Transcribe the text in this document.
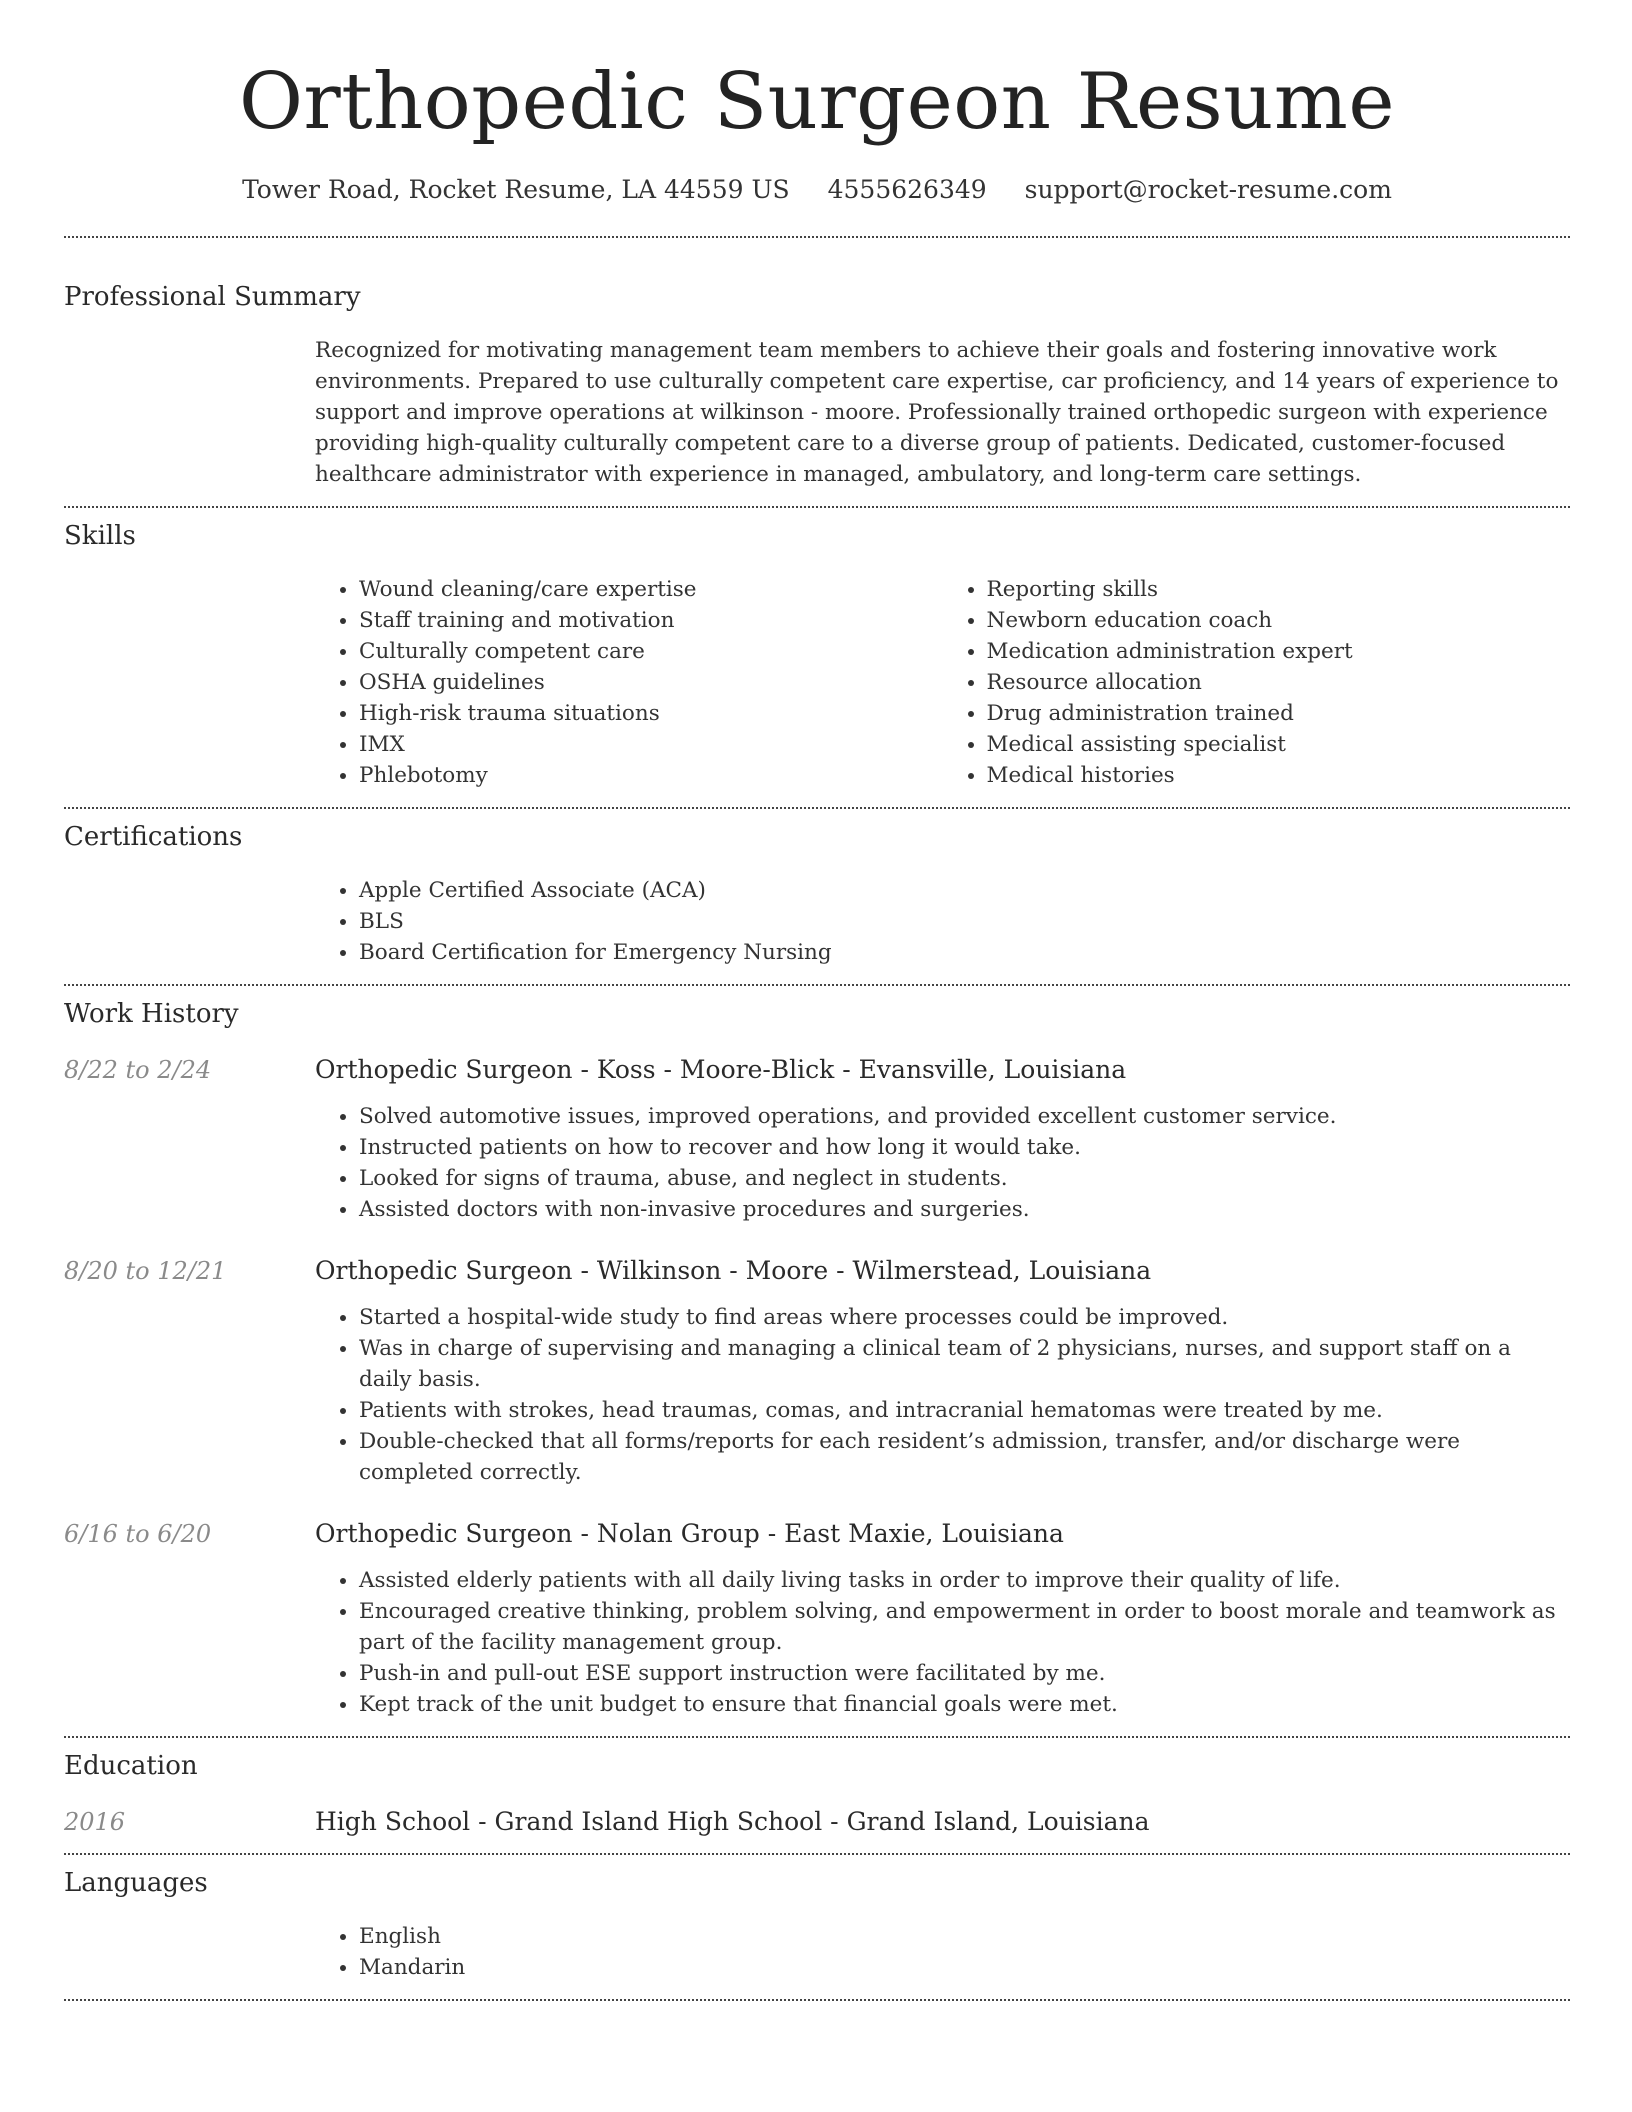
Orthopedic Surgeon Resume
Tower Road, Rocket Resume, LA 44559 US 4555626349 support@rocket-resume.com
Professional Summary

Recognized for motivating management team members to achieve their goals and fostering innovative work environments. Prepared to use culturally competent care expertise, car proficiency, and 14 years of experience to support and improve operations at wilkinson - moore. Professionally trained orthopedic surgeon with experience providing high-quality culturally competent care to a diverse group of patients. Dedicated, customer-focused healthcare administrator with experience in managed, ambulatory, and long-term care settings.

Skills
• Wound cleaning/care expertise
• Staff training and motivation
• Culturally competent care
• OSHA guidelines
• High-risk trauma situations
• IMX
• Phlebotomy
• Reporting skills
• Newborn education coach
• Medication administration expert
• Resource allocation
• Drug administration trained
• Medical assisting specialist
• Medical histories
Certifications
• Apple Certified Associate (ACA)
• BLS
• Board Certification for Emergency Nursing
Work History
8/22 to 2/24	Orthopedic Surgeon - Koss - Moore-Blick - Evansville, Louisiana
• Solved automotive issues, improved operations, and provided excellent customer service.
• Instructed patients on how to recover and how long it would take.
• Looked for signs of trauma, abuse, and neglect in students.
• Assisted doctors with non-invasive procedures and surgeries.
8/20 to 12/21	Orthopedic Surgeon - Wilkinson - Moore - Wilmerstead, Louisiana
• Started a hospital-wide study to find areas where processes could be improved.
• Was in charge of supervising and managing a clinical team of 2 physicians, nurses, and support staff on a daily basis.
• Patients with strokes, head traumas, comas, and intracranial hematomas were treated by me.
• Double-checked that all forms/reports for each resident’s admission, transfer, and/or discharge were completed correctly.
6/16 to 6/20	Orthopedic Surgeon - Nolan Group - East Maxie, Louisiana
• Assisted elderly patients with all daily living tasks in order to improve their quality of life.
• Encouraged creative thinking, problem solving, and empowerment in order to boost morale and teamwork as part of the facility management group.
• Push-in and pull-out ESE support instruction were facilitated by me.
• Kept track of the unit budget to ensure that financial goals were met.
Education
2016	High School - Grand Island High School - Grand Island, Louisiana
Languages
• English
• Mandarin
